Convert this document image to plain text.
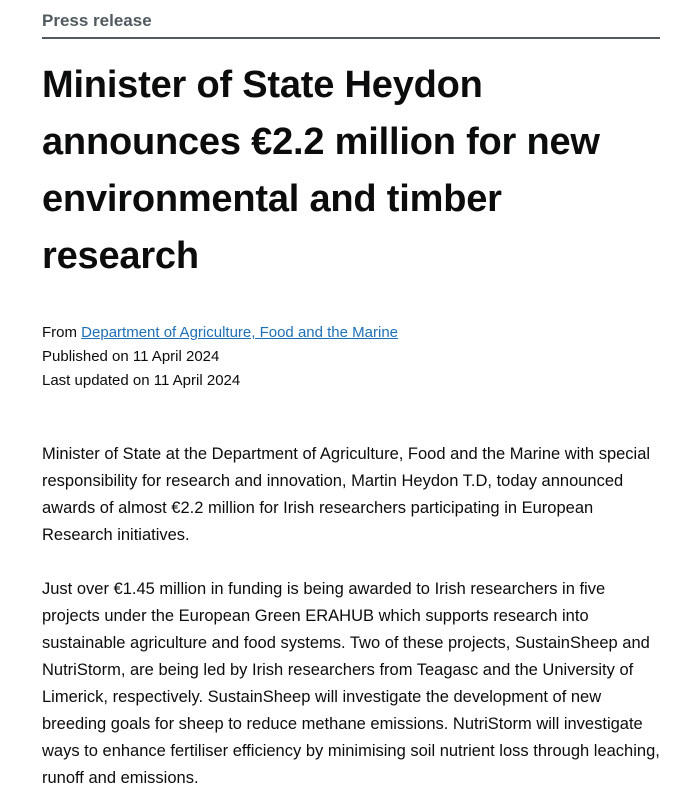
Press release
Minister of State Heydon announces €2.2 million for new environmental and timber research
From Department of Agriculture, Food and the Marine
Published on 11 April 2024
Last updated on 11 April 2024

Minister of State at the Department of Agriculture, Food and the Marine with special responsibility for research and innovation, Martin Heydon T.D, today announced awards of almost €2.2 million for Irish researchers participating in European Research initiatives.

Just over €1.45 million in funding is being awarded to Irish researchers in five projects under the European Green ERAHUB which supports research into sustainable agriculture and food systems. Two of these projects, SustainSheep and NutriStorm, are being led by Irish researchers from Teagasc and the University of Limerick, respectively. SustainSheep will investigate the development of new breeding goals for sheep to reduce methane emissions. NutriStorm will investigate ways to enhance fertiliser efficiency by minimising soil nutrient loss through leaching, runoff and emissions.
